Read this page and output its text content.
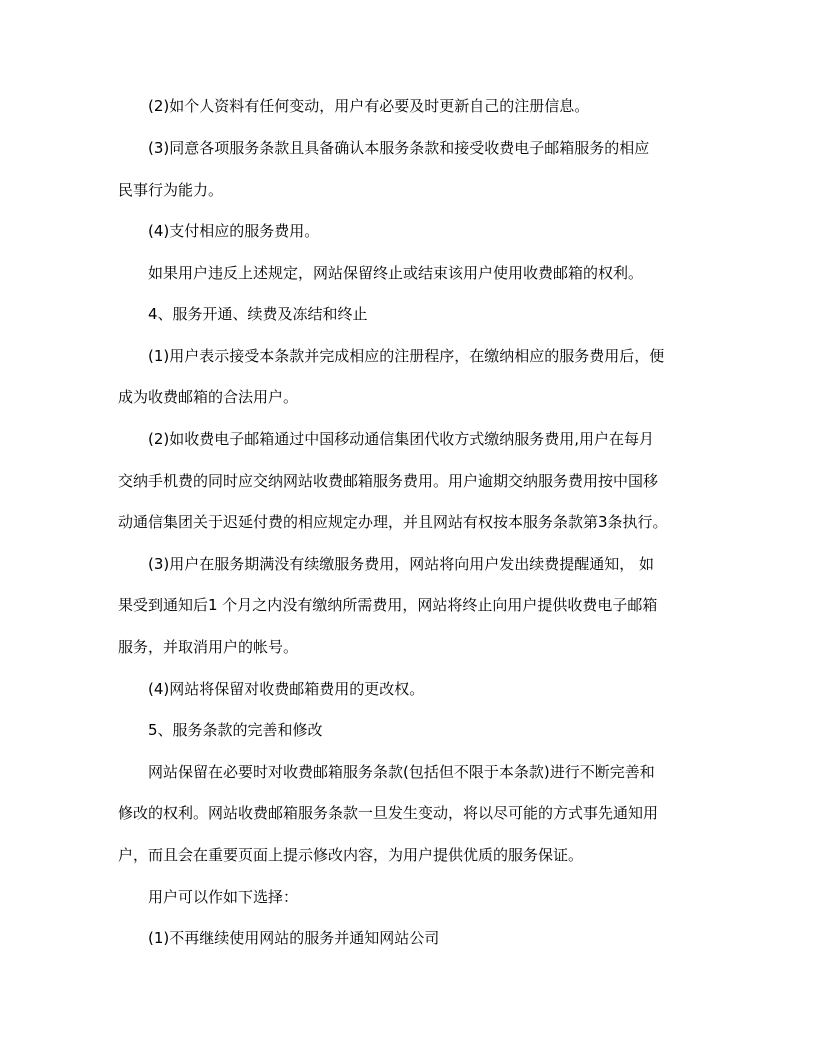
(2)如个人资料有任何变动，用户有必要及时更新自己的注册信息。

(3)同意各项服务条款且具备确认本服务条款和接受收费电子邮箱服务的相应

民事行为能力。

(4)支付相应的服务费用。

如果用户违反上述规定，网站保留终止或结束该用户使用收费邮箱的权利。

4、服务开通、续费及冻结和终止

(1)用户表示接受本条款并完成相应的注册程序，在缴纳相应的服务费用后，便

成为收费邮箱的合法用户。

(2)如收费电子邮箱通过中国移动通信集团代收方式缴纳服务费用,用户在每月

交纳手机费的同时应交纳网站收费邮箱服务费用。用户逾期交纳服务费用按中国移

动通信集团关于迟延付费的相应规定办理，并且网站有权按本服务条款第3条执行。

(3)用户在服务期满没有续缴服务费用，网站将向用户发出续费提醒通知， 如

果受到通知后1 个月之内没有缴纳所需费用，网站将终止向用户提供收费电子邮箱

服务，并取消用户的帐号。

(4)网站将保留对收费邮箱费用的更改权。

5、服务条款的完善和修改

网站保留在必要时对收费邮箱服务条款(包括但不限于本条款)进行不断完善和

修改的权利。网站收费邮箱服务条款一旦发生变动，将以尽可能的方式事先通知用

户，而且会在重要页面上提示修改内容，为用户提供优质的服务保证。

用户可以作如下选择：

(1)不再继续使用网站的服务并通知网站公司
